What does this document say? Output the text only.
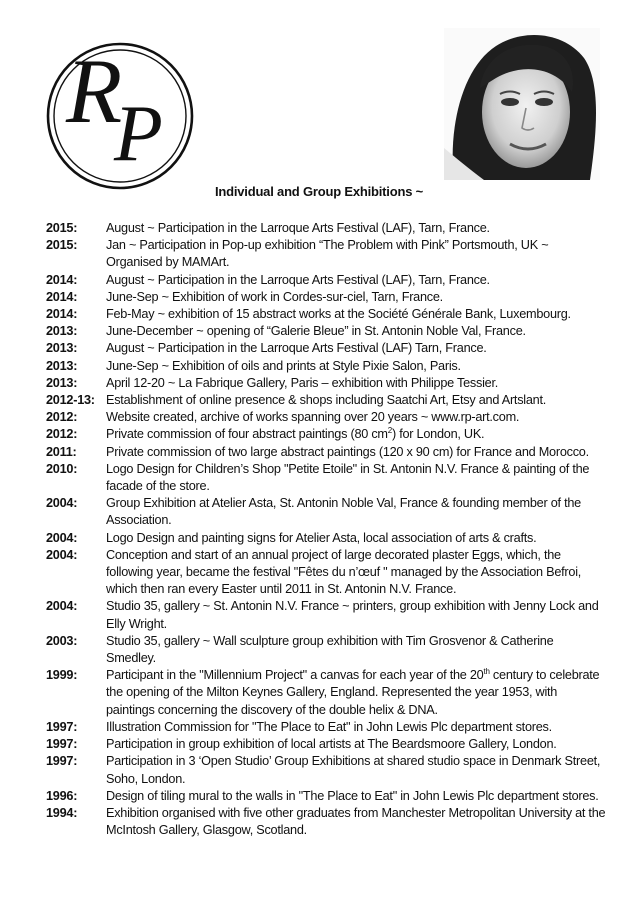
R
P
Individual and Group Exhibitions ~
2015:	August ~ Participation in the Larroque Arts Festival (LAF), Tarn, France.
2015:	Jan ~ Participation in Pop-up exhibition “The Problem with Pink” Portsmouth, UK ~ Organised by MAMArt.
2014:	August ~ Participation in the Larroque Arts Festival (LAF), Tarn, France.
2014:	June-Sep ~ Exhibition of work in Cordes-sur-ciel, Tarn, France.
2014:	Feb-May ~ exhibition of 15 abstract works at the Société Générale Bank, Luxembourg.
2013:	June-December ~ opening of “Galerie Bleue” in St. Antonin Noble Val, France.
2013:	August ~ Participation in the Larroque Arts Festival (LAF) Tarn, France.
2013:	June-Sep ~ Exhibition of oils and prints at Style Pixie Salon, Paris.
2013:	April 12-20 ~ La Fabrique Gallery, Paris – exhibition with Philippe Tessier.
2012-13: Establishment of online presence & shops including Saatchi Art, Etsy and Artslant.
2012:	Website created, archive of works spanning over 20 years ~ www.rp-art.com.
2012:	Private commission of four abstract paintings (80 $cm^2$) for London, UK.
2011:	Private commission of two large abstract paintings (120 x 90 cm) for France and Morocco.
2010:	Logo Design for Children’s Shop "Petite Etoile" in St. Antonin N.V. France & painting of the facade of the store.
2004:	Group Exhibition at Atelier Asta, St. Antonin Noble Val, France & founding member of the Association.
2004:	Logo Design and painting signs for Atelier Asta, local association of arts & crafts.
2004:	Conception and start of an annual project of large decorated plaster Eggs, which, the following year, became the festival "Fêtes du n’œuf " managed by the Association Befroi, which then ran every Easter until 2011 in St. Antonin N.V. France.
2004:	Studio 35, gallery ~ St. Antonin N.V. France ~ printers, group exhibition with Jenny Lock and Elly Wright.
2003:	Studio 35, gallery ~ Wall sculpture group exhibition with Tim Grosvenor & Catherine Smedley.
1999:	Participant in the "Millennium Project" a canvas for each year of the 20th century to celebrate the opening of the Milton Keynes Gallery, England. Represented the year 1953, with paintings concerning the discovery of the double helix & DNA.
1997:	Illustration Commission for "The Place to Eat" in John Lewis Plc department stores.
1997:	Participation in group exhibition of local artists at The Beardsmoore Gallery, London.
1997:	Participation in 3 ‘Open Studio’ Group Exhibitions at shared studio space in Denmark Street, Soho, London.
1996:	Design of tiling mural to the walls in "The Place to Eat" in John Lewis Plc department stores.
1994:	Exhibition organised with five other graduates from Manchester Metropolitan University at the McIntosh Gallery, Glasgow, Scotland.
